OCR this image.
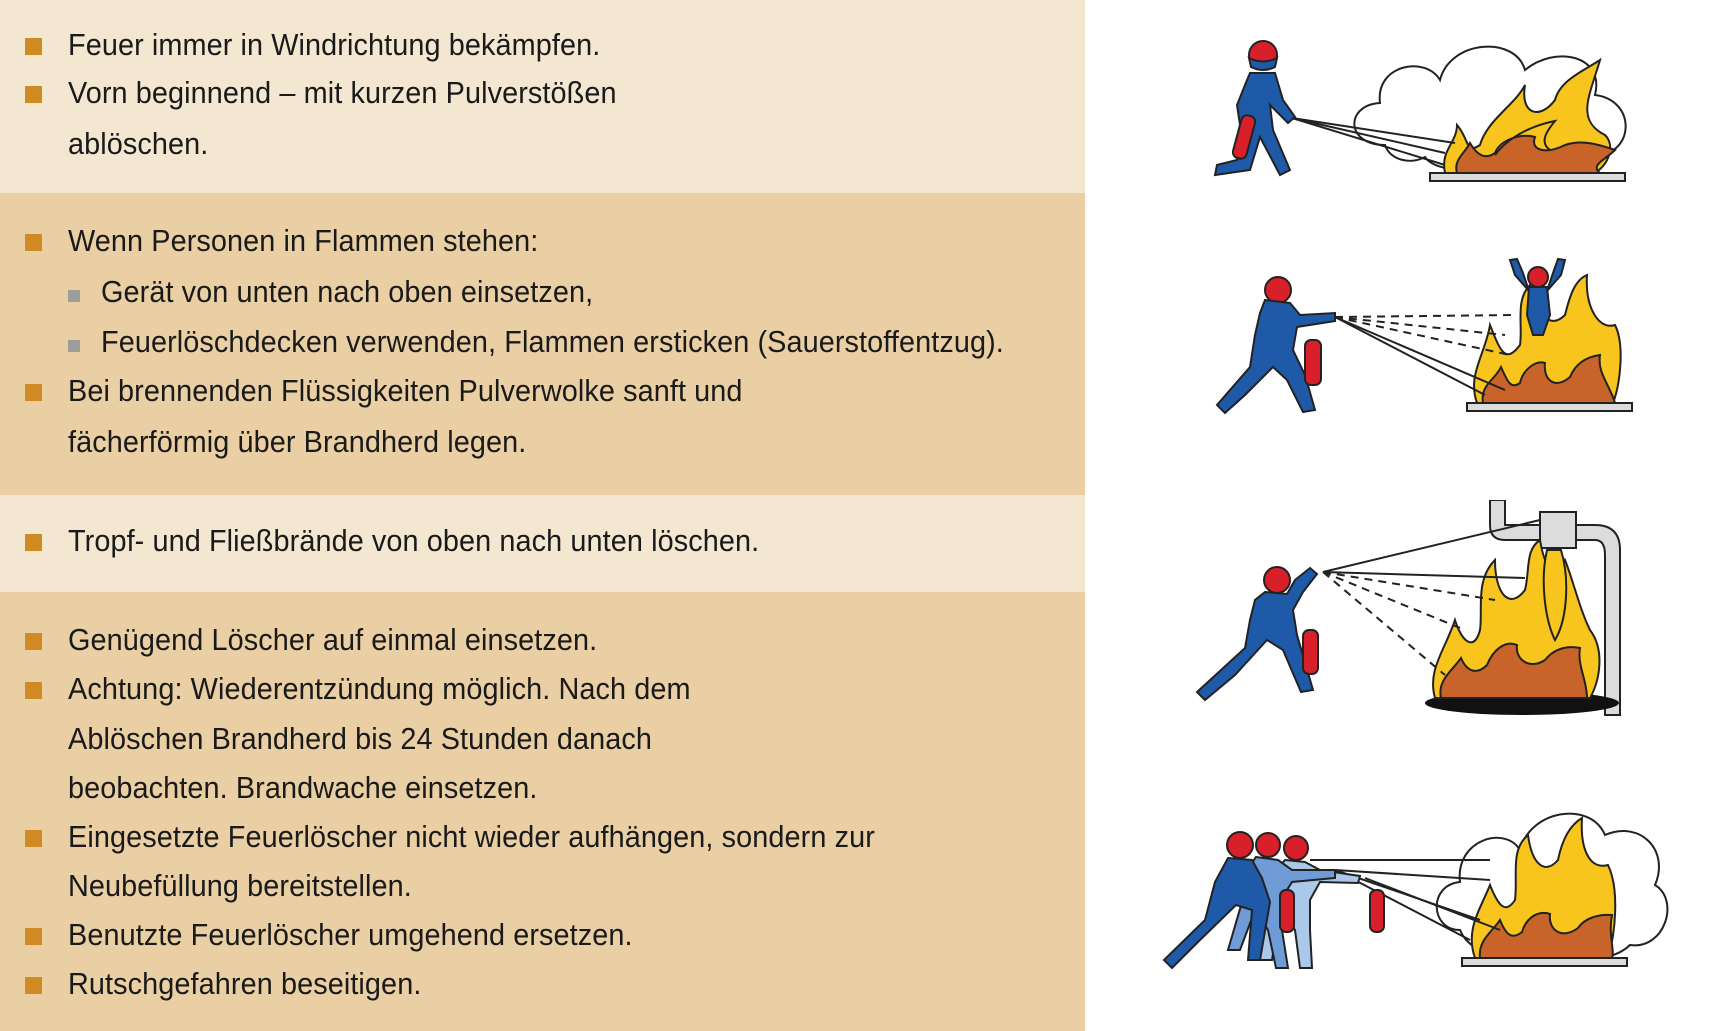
Feuer immer in Windrichtung bekämpfen.
Vorn beginnend – mit kurzen Pulverstößen
ablöschen.
Wenn Personen in Flammen stehen:
Gerät von unten nach oben einsetzen,
Feuerlöschdecken verwenden, Flammen ersticken (Sauerstoffentzug).
Bei brennenden Flüssigkeiten Pulverwolke sanft und
fächerförmig über Brandherd legen.
Tropf- und Fließbrände von oben nach unten löschen.
Genügend Löscher auf einmal einsetzen.
Achtung: Wiederentzündung möglich. Nach dem
Ablöschen Brandherd bis 24 Stunden danach
beobachten. Brandwache einsetzen.
Eingesetzte Feuerlöscher nicht wieder aufhängen, sondern zur
Neubefüllung bereitstellen.
Benutzte Feuerlöscher umgehend ersetzen.
Rutschgefahren beseitigen.
